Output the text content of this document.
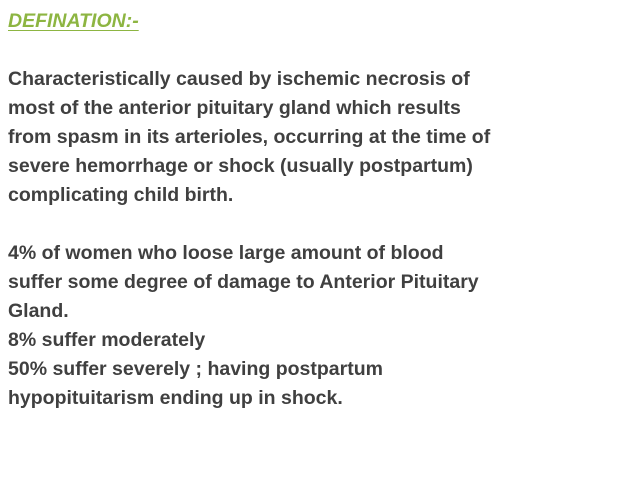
DEFINATION:-
Characteristically caused by ischemic necrosis of
most of the anterior pituitary gland which results
from spasm in its arterioles, occurring at the time of
severe hemorrhage or shock (usually postpartum)
complicating child birth.
4% of women who loose large amount of blood
suffer some degree of damage to Anterior Pituitary
Gland.
8% suffer moderately
50% suffer severely ; having postpartum
hypopituitarism ending up in shock.
